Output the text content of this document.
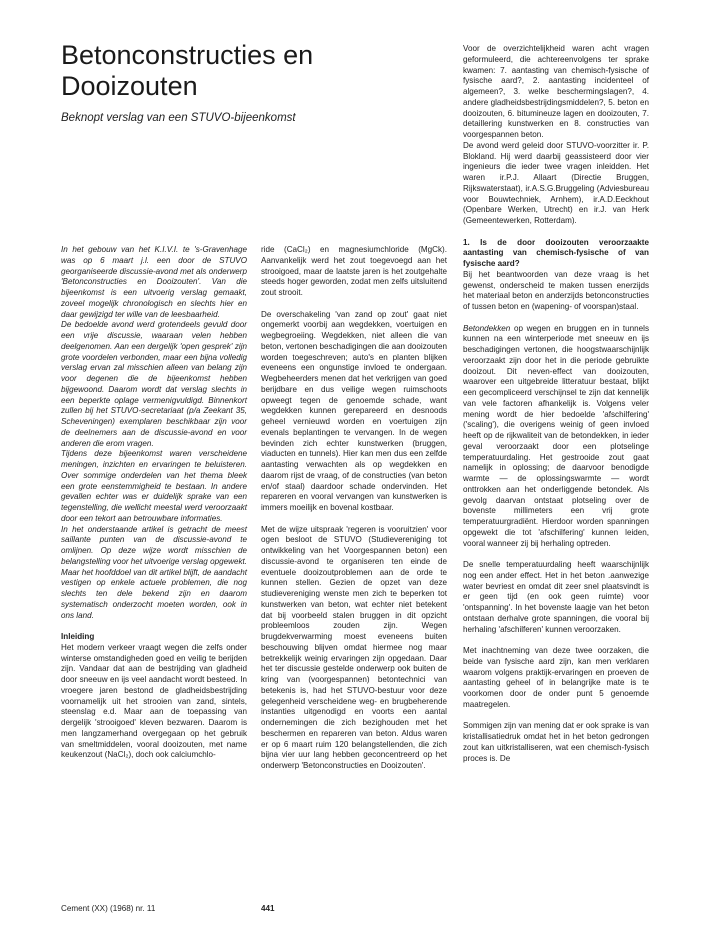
Betonconstructies en Dooizouten
Beknopt verslag van een STUVO-bijeenkomst

In het gebouw van het K.I.V.I. te 's-Gravenhage was op 6 maart j.l. een door de STUVO georganiseerde discussie-avond met als onderwerp 'Betonconstructies en Dooizouten'. Van die bijeenkomst is een uitvoerig verslag gemaakt, zoveel mogelijk chronologisch en slechts hier en daar gewijzigd ter wille van de leesbaarheid.

De bedoelde avond werd grotendeels gevuld door een vrije discussie, waaraan velen hebben deelgenomen. Aan een dergelijk 'open gesprek' zijn grote voordelen verbonden, maar een bijna volledig verslag ervan zal misschien alleen van belang zijn voor degenen die de bijeenkomst hebben bijgewoond. Daarom wordt dat verslag slechts in een beperkte oplage vermenigvuldigd. Binnenkort zullen bij het STUVO-secretariaat (p/a Zeekant 35, Scheveningen) exemplaren beschikbaar zijn voor de deelnemers aan de discussie-avond en voor anderen die erom vragen.

Tijdens deze bijeenkomst waren verscheidene meningen, inzichten en ervaringen te beluisteren. Over sommige onderdelen van het thema bleek een grote eenstemmigheid te bestaan. In andere gevallen echter was er duidelijk sprake van een tegenstelling, die wellicht meestal werd veroorzaakt door een tekort aan betrouwbare informaties.

In het onderstaande artikel is getracht de meest saillante punten van de discussie-avond te omlijnen. Op deze wijze wordt misschien de belangstelling voor het uitvoerige verslag opgewekt. Maar het hoofddoel van dit artikel blijft, de aandacht vestigen op enkele actuele problemen, die nog slechts ten dele bekend zijn en daarom systematisch onderzocht moeten worden, ook in ons land.

Inleiding

Het modern verkeer vraagt wegen die zelfs onder winterse omstandigheden goed en veilig te berijden zijn. Vandaar dat aan de bestrijding van gladheid door sneeuw en ijs veel aandacht wordt besteed. In vroegere jaren bestond de gladheidsbestrijding voornamelijk uit het strooien van zand, sintels, steenslag e.d. Maar aan de toepassing van dergelijk 'strooigoed' kleven bezwaren. Daarom is men langzamerhand overgegaan op het gebruik van smeltmiddelen, vooral dooizouten, met name keukenzout (NaCl₂), doch ook calciumchlo-

ride (CaCl₂) en magnesiumchloride (MgCk). Aanvankelijk werd het zout toegevoegd aan het strooigoed, maar de laatste jaren is het zoutgehalte steeds hoger geworden, zodat men zelfs uitsluitend zout strooit.

De overschakeling 'van zand op zout' gaat niet ongemerkt voorbij aan wegdekken, voertuigen en wegbegroeiing. Wegdekken, niet alleen die van beton, vertonen beschadigingen die aan dooizouten worden toegeschreven; auto's en planten blijken eveneens een ongunstige invloed te ondergaan. Wegbeheerders menen dat het verkrijgen van goed berijdbare en dus veilige wegen ruimschoots opweegt tegen de genoemde schade, want wegdekken kunnen gerepareerd en desnoods geheel vernieuwd worden en voertuigen zijn evenals beplantingen te vervangen. In de wegen bevinden zich echter kunstwerken (bruggen, viaducten en tunnels). Hier kan men dus een zelfde aantasting verwachten als op wegdekken en daarom rijst de vraag, of de constructies (van beton en/of staal) daardoor schade ondervinden. Het repareren en vooral vervangen van kunstwerken is immers moeilijk en bovenal kostbaar.

Met de wijze uitspraak 'regeren is vooruitzien' voor ogen besloot de STUVO (Studievereniging tot ontwikkeling van het Voorgespannen beton) een discussie-avond te organiseren ten einde de eventuele dooizoutproblemen aan de orde te kunnen stellen. Gezien de opzet van deze studievereniging wenste men zich te beperken tot kunstwerken van beton, wat echter niet betekent dat bij voorbeeld stalen bruggen in dit opzicht probleemloos zouden zijn. Wegen brugdekverwarming moest eveneens buiten beschouwing blijven omdat hiermee nog maar betrekkelijk weinig ervaringen zijn opgedaan. Daar het ter discussie gestelde onderwerp ook buiten de kring van (voorgespannen) betontechnici van betekenis is, had het STUVO-bestuur voor deze gelegenheid verscheidene weg- en brugbeherende instanties uitgenodigd en voorts een aantal ondernemingen die zich bezighouden met het beschermen en repareren van beton. Aldus waren er op 6 maart ruim 120 belangstellenden, die zich bijna vier uur lang hebben geconcentreerd op het onderwerp 'Betonconstructies en Dooizouten'.

Voor de overzichtelijkheid waren acht vragen geformuleerd, die achtereenvolgens ter sprake kwamen: 7. aantasting van chemisch-fysische of fysische aard?, 2. aantasting incidenteel of algemeen?, 3. welke beschermingslagen?, 4. andere gladheidsbestrijdingsmiddelen?, 5. beton en dooizouten, 6. bitumineuze lagen en dooizouten, 7. detaillering kunstwerken en 8. constructies van voorgespannen beton.

De avond werd geleid door STUVO-voorzitter ir. P. Blokland. Hij werd daarbij geassisteerd door vier ingenieurs die ieder twee vragen inleidden. Het waren ir.P.J. Allaart (Directie Bruggen, Rijkswaterstaat), ir.A.S.G.Bruggeling (Adviesbureau voor Bouwtechniek, Arnhem), ir.A.D.Eeckhout (Openbare Werken, Utrecht) en ir.J. van Herk (Gemeentewerken, Rotterdam).

1. Is de door dooizouten veroorzaakte aantasting van chemisch-fysische of van fysische aard?

Bij het beantwoorden van deze vraag is het gewenst, onderscheid te maken tussen enerzijds het materiaal beton en anderzijds betonconstructies of tussen beton en (wapening- of voorspan)staal.

Betondekken op wegen en bruggen en in tunnels kunnen na een winterperiode met sneeuw en ijs beschadigingen vertonen, die hoogstwaarschijnlijk veroorzaakt zijn door het in die periode gebruikte dooizout. Dit neven-effect van dooizouten, waarover een uitgebreide litteratuur bestaat, blijkt een gecompliceerd verschijnsel te zijn dat kennelijk van vele factoren afhankelijk is. Volgens veler mening wordt de hier bedoelde 'afschilfering' ('scaling'), die overigens weinig of geen invloed heeft op de rijkwaliteit van de betondekken, in ieder geval veroorzaakt door een plotselinge temperatuurdaling. Het gestrooide zout gaat namelijk in oplossing; de daarvoor benodigde warmte — de oplossingswarmte — wordt onttrokken aan het onderliggende betondek. Als gevolg daarvan ontstaat plotseling over de bovenste millimeters een vrij grote temperatuurgradiënt. Hierdoor worden spanningen opgewekt die tot 'afschilfering' kunnen leiden, vooral wanneer zij bij herhaling optreden.

De snelle temperatuurdaling heeft waarschijnlijk nog een ander effect. Het in het beton .aanwezige water bevriest en omdat dit zeer snel plaatsvindt is er geen tijd (en ook geen ruimte) voor 'ontspanning'. In het bovenste laagje van het beton ontstaan derhalve grote spanningen, die vooral bij herhaling 'afschilferen' kunnen veroorzaken.

Met inachtneming van deze twee oorzaken, die beide van fysische aard zijn, kan men verklaren waarom volgens praktijk-ervaringen en proeven de aantasting geheel of in belangrijke mate is te voorkomen door de onder punt 5 genoemde maatregelen.

Sommigen zijn van mening dat er ook sprake is van kristallisatiedruk omdat het in het beton gedrongen zout kan uitkristalliseren, wat een chemisch-fysisch proces is. De

Cement (XX) (1968) nr. 11	441
